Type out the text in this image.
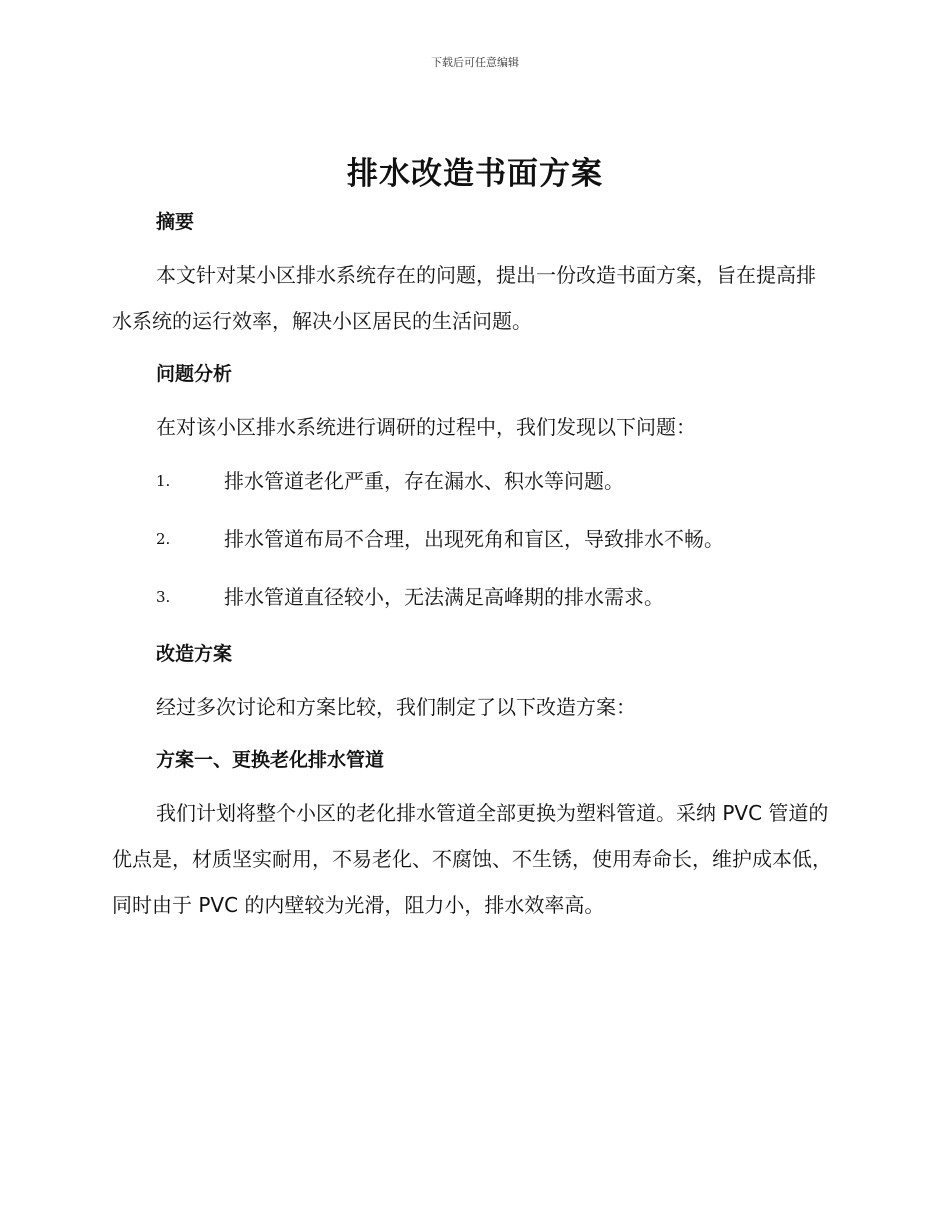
下载后可任意编辑
排水改造书面方案
摘要

本文针对某小区排水系统存在的问题，提出一份改造书面方案，旨在提高排水系统的运行效率，解决小区居民的生活问题。

问题分析

在对该小区排水系统进行调研的过程中，我们发现以下问题：

1.	排水管道老化严重，存在漏水、积水等问题。
2.	排水管道布局不合理，出现死角和盲区，导致排水不畅。
3.	排水管道直径较小，无法满足高峰期的排水需求。
改造方案

经过多次讨论和方案比较，我们制定了以下改造方案：

方案一、更换老化排水管道

我们计划将整个小区的老化排水管道全部更换为塑料管道。采纳 PVC 管道的优点是，材质坚实耐用，不易老化、不腐蚀、不生锈，使用寿命长，维护成本低，同时由于 PVC 的内壁较为光滑，阻力小，排水效率高。
